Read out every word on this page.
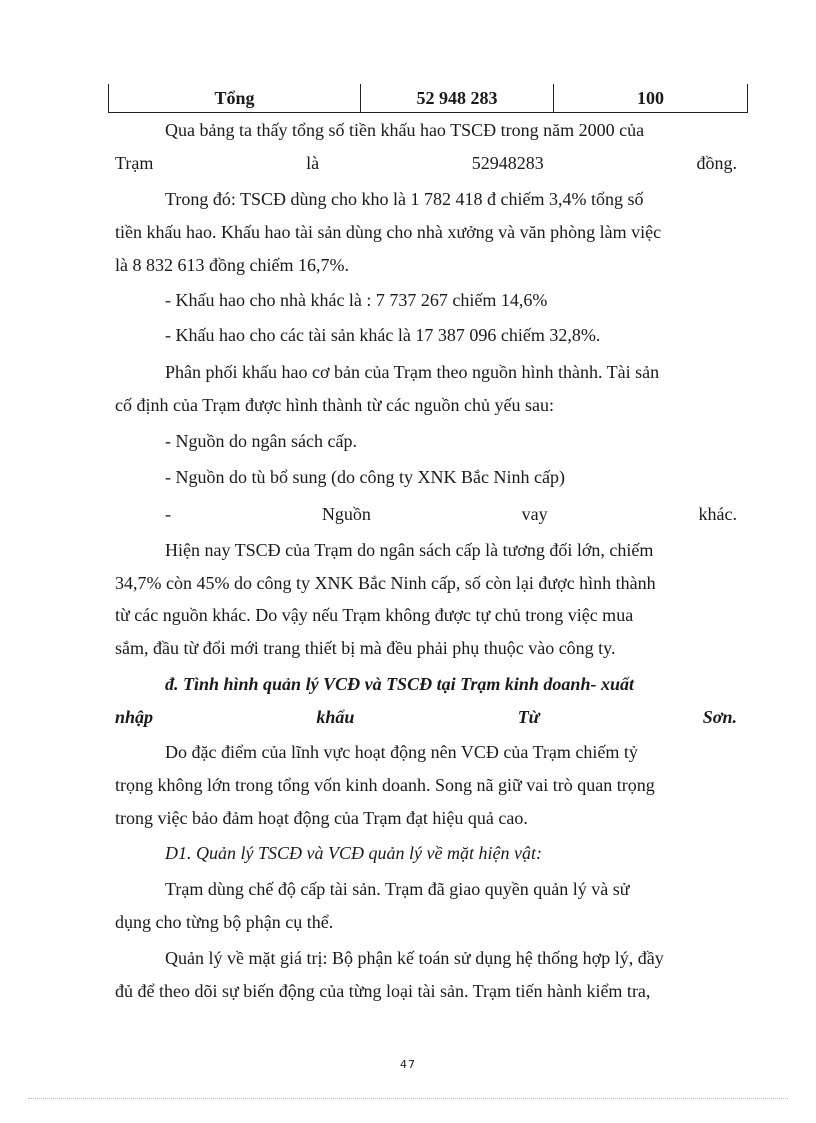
Tổng	52 948 283	100
Qua bảng ta thấy tổng số tiền khấu hao TSCĐ trong năm 2000 của
Trạm	là	52948283	đồng.
Trong đó: TSCĐ dùng cho kho là 1 782 418 đ chiếm 3,4% tổng số
tiền khấu hao. Khấu hao tài sản dùng cho nhà xưởng và văn phòng làm việc
là 8 832 613 đồng chiếm 16,7%.
- Khấu hao cho nhà khác là : 7 737 267 chiếm 14,6%
- Khấu hao cho các tài sản khác là 17 387 096 chiếm 32,8%.
Phân phối khấu hao cơ bản của Trạm theo nguồn hình thành. Tài sản
cố định của Trạm được hình thành từ các nguồn chủ yếu sau:
- Nguồn do ngân sách cấp.
- Nguồn do tù bổ sung (do công ty XNK Bắc Ninh cấp)
-	Nguồn	vay	khác.
Hiện nay TSCĐ của Trạm do ngân sách cấp là tương đối lớn, chiếm
34,7% còn 45% do công ty XNK Bắc Ninh cấp, số còn lại được hình thành
từ các nguồn khác. Do vậy nếu Trạm không được tự chủ trong việc mua
sắm, đầu từ đổi mới trang thiết bị mà đều phải phụ thuộc vào công ty.
đ. Tình hình quản lý VCĐ và TSCĐ tại Trạm kinh doanh- xuất
nhập	khẩu	Từ	Sơn.
Do đặc điểm của lĩnh vực hoạt động nên VCĐ của Trạm chiếm tỷ
trọng không lớn trong tổng vốn kinh doanh. Song nã giữ vai trò quan trọng
trong việc bảo đảm hoạt động của Trạm đạt hiệu quả cao.
D1. Quản lý TSCĐ và VCĐ quản lý về mặt hiện vật:
Trạm dùng chế độ cấp tài sản. Trạm đã giao quyền quản lý và sử
dụng cho từng bộ phận cụ thể.
Quản lý về mặt giá trị: Bộ phận kế toán sử dụng hệ thống hợp lý, đầy
đủ để theo dõi sự biến động của từng loại tài sản. Trạm tiến hành kiểm tra,
47
